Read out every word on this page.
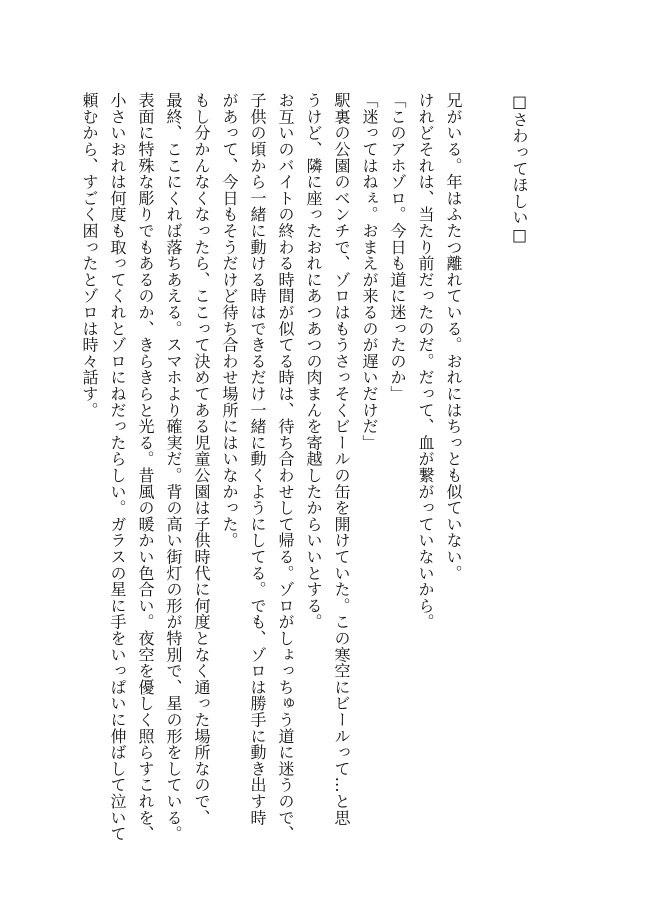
□さわってほしい□

兄がいる。年はふたつ離れている。おれにはちっとも似ていない。

けれどそれは、当たり前だったのだ。だって、血が繋がっていないから。

「このアホゾロ。今日も道に迷ったのか」

「迷ってはねぇ。おまえが来るのが遅いだけだ」

駅裏の公園のベンチで、ゾロはもうさっそくビールの缶を開けていた。この寒空にビールって…と思

うけど、隣に座ったおれにあつあつの肉まんを寄越したからいいとする。

お互いのバイトの終わる時間が似てる時は、待ち合わせして帰る。ゾロがしょっちゅう道に迷うので、

子供の頃から一緒に動ける時はできるだけ一緒に動くようにしてる。でも、ゾロは勝手に動き出す時

があって、今日もそうだけど待ち合わせ場所にはいなかった。

もし分かんなくなったら、ここって決めてある児童公園は子供時代に何度となく通った場所なので、

最終、ここにくれば落ちあえる。スマホより確実だ。背の高い街灯の形が特別で、星の形をしている。

表面に特殊な彫りでもあるのか、きらきらと光る。昔風の暖かい色合い。夜空を優しく照らすこれを、

小さいおれは何度も取ってくれとゾロにねだったらしい。ガラスの星に手をいっぱいに伸ばして泣いて

頼むから、すごく困ったとゾロは時々話す。
